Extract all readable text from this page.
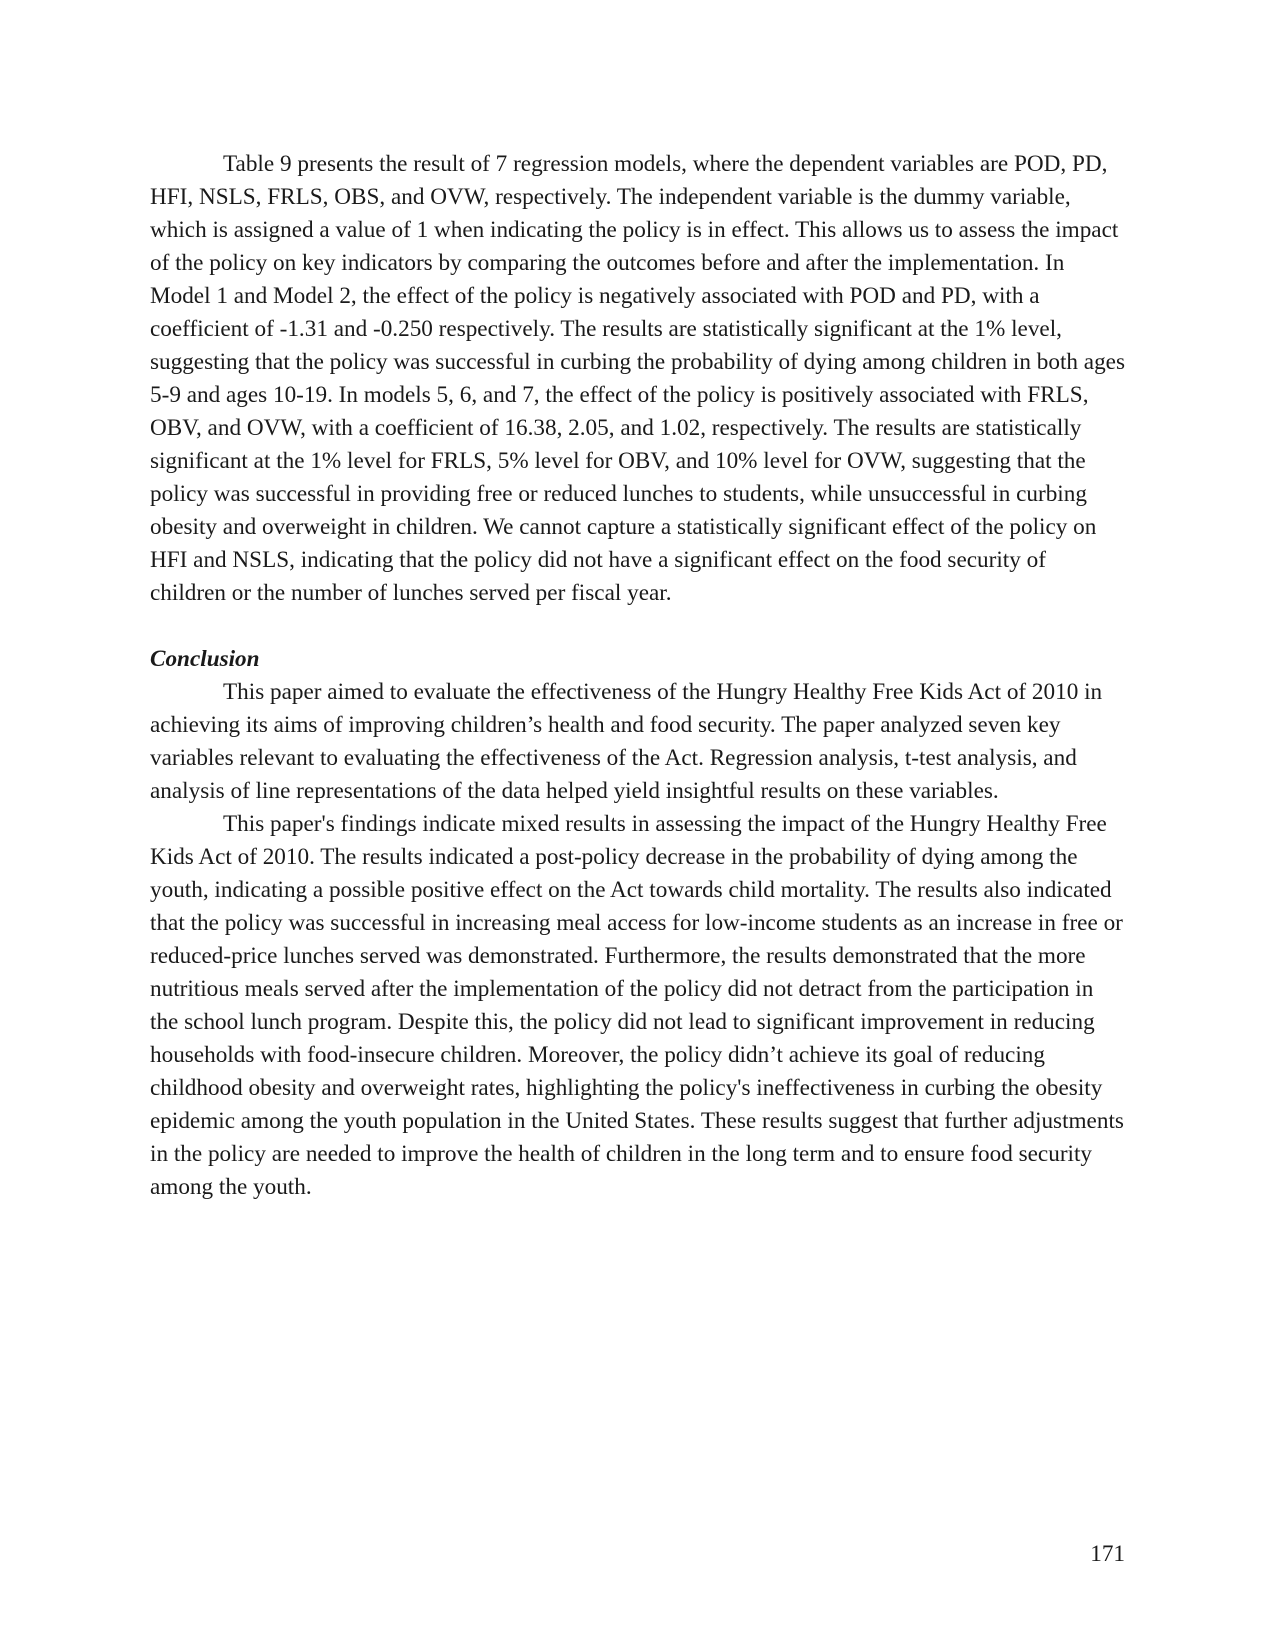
Table 9 presents the result of 7 regression models, where the dependent variables are POD, PD, HFI, NSLS, FRLS, OBS, and OVW, respectively. The independent variable is the dummy variable, which is assigned a value of 1 when indicating the policy is in effect. This allows us to assess the impact of the policy on key indicators by comparing the outcomes before and after the implementation. In Model 1 and Model 2, the effect of the policy is negatively associated with POD and PD, with a coefficient of -1.31 and -0.250 respectively. The results are statistically significant at the 1% level, suggesting that the policy was successful in curbing the probability of dying among children in both ages 5-9 and ages 10-19. In models 5, 6, and 7, the effect of the policy is positively associated with FRLS, OBV, and OVW, with a coefficient of 16.38, 2.05, and 1.02, respectively. The results are statistically significant at the 1% level for FRLS, 5% level for OBV, and 10% level for OVW, suggesting that the policy was successful in providing free or reduced lunches to students, while unsuccessful in curbing obesity and overweight in children. We cannot capture a statistically significant effect of the policy on HFI and NSLS, indicating that the policy did not have a significant effect on the food security of children or the number of lunches served per fiscal year.

Conclusion

This paper aimed to evaluate the effectiveness of the Hungry Healthy Free Kids Act of 2010 in achieving its aims of improving children’s health and food security. The paper analyzed seven key variables relevant to evaluating the effectiveness of the Act. Regression analysis, t-test analysis, and analysis of line representations of the data helped yield insightful results on these variables.

This paper's findings indicate mixed results in assessing the impact of the Hungry Healthy Free Kids Act of 2010. The results indicated a post-policy decrease in the probability of dying among the youth, indicating a possible positive effect on the Act towards child mortality. The results also indicated that the policy was successful in increasing meal access for low-income students as an increase in free or reduced-price lunches served was demonstrated. Furthermore, the results demonstrated that the more nutritious meals served after the implementation of the policy did not detract from the participation in the school lunch program. Despite this, the policy did not lead to significant improvement in reducing households with food-insecure children. Moreover, the policy didn’t achieve its goal of reducing childhood obesity and overweight rates, highlighting the policy's ineffectiveness in curbing the obesity epidemic among the youth population in the United States. These results suggest that further adjustments in the policy are needed to improve the health of children in the long term and to ensure food security among the youth.

171
